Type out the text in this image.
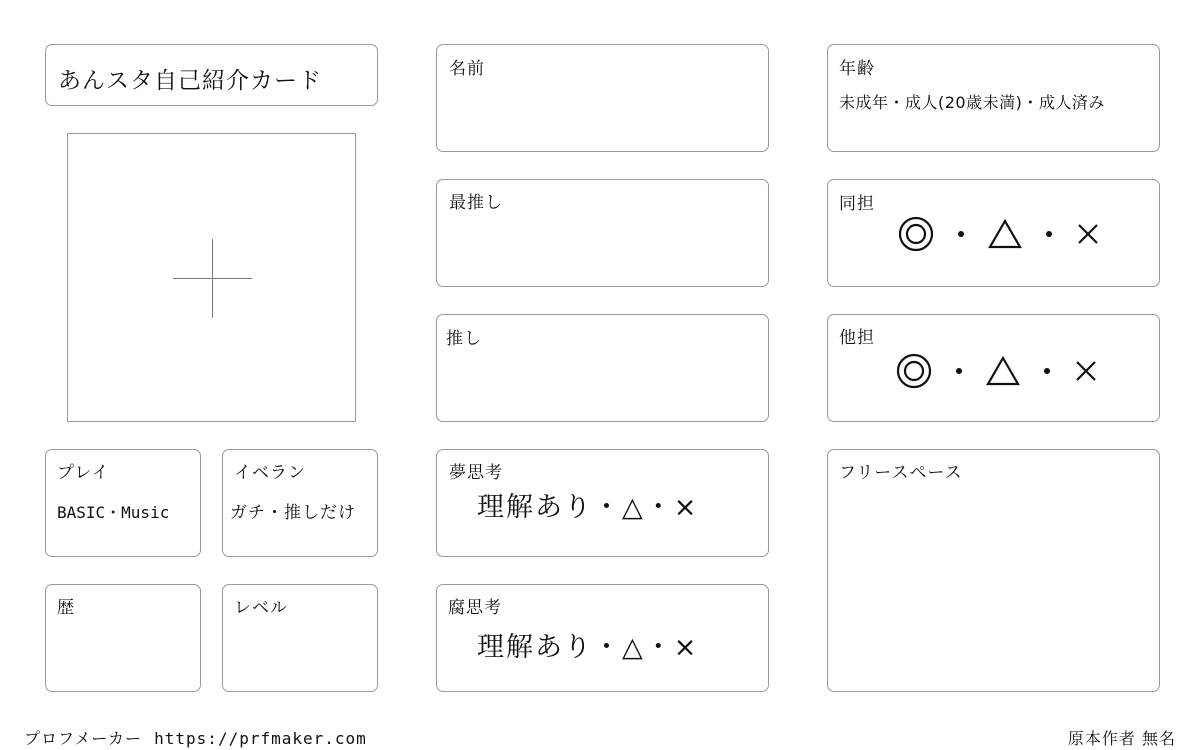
あんスタ自己紹介カード	名前
最推し
推し
夢思考
理解あり・△・×
腐思考
理解あり・△・×
年齢
未成年・成人(20歳未満)・成人済み
同担
他担
フリースペース
プレイ
BASIC・Music
イベラン
ガチ・推しだけ
歴	レベル
プロフメーカー https://prfmaker.com	原本作者 無名
